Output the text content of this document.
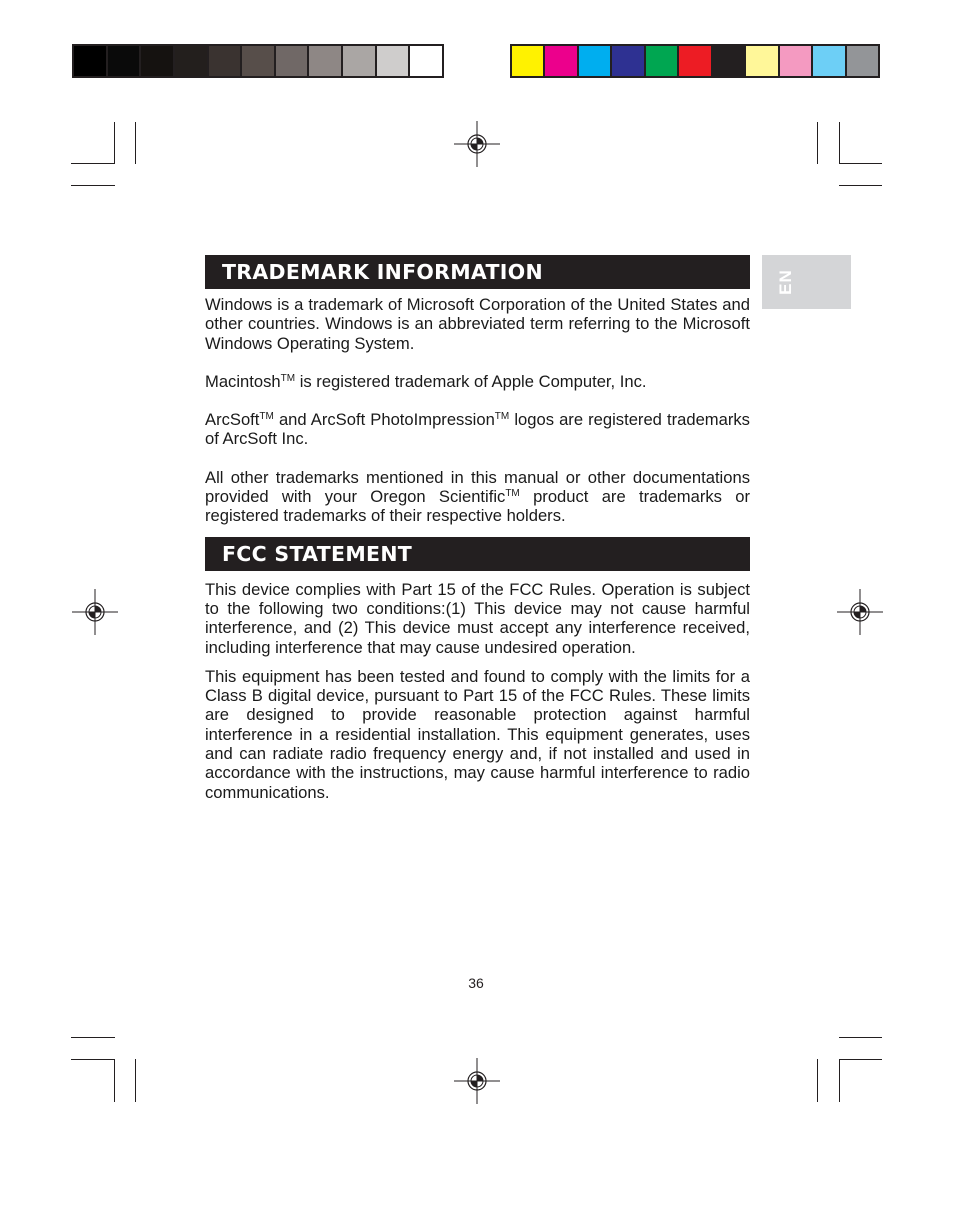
EN
TRADEMARK INFORMATION

Windows is a trademark of Microsoft Corporation of the United States and other countries. Windows is an abbreviated term referring to the Microsoft Windows Operating System.

Macintosh™ is registered trademark of Apple Computer, Inc.

ArcSoft™ and ArcSoft PhotoImpression™ logos are registered trademarks of ArcSoft Inc.

All other trademarks mentioned in this manual or other documentations provided with your Oregon Scientific™ product are trademarks or registered trademarks of their respective holders.

FCC STATEMENT

This device complies with Part 15 of the FCC Rules. Operation is subject to the following two conditions:(1) This device may not cause harmful interference, and (2) This device must accept any interference received, including interference that may cause undesired operation.

This equipment has been tested and found to comply with the limits for a Class B digital device, pursuant to Part 15 of the FCC Rules. These limits are designed to provide reasonable protection against harmful interference in a residential installation. This equipment generates, uses and can radiate radio frequency energy and, if not installed and used in accordance with the instructions, may cause harmful interference to radio communications.

36
